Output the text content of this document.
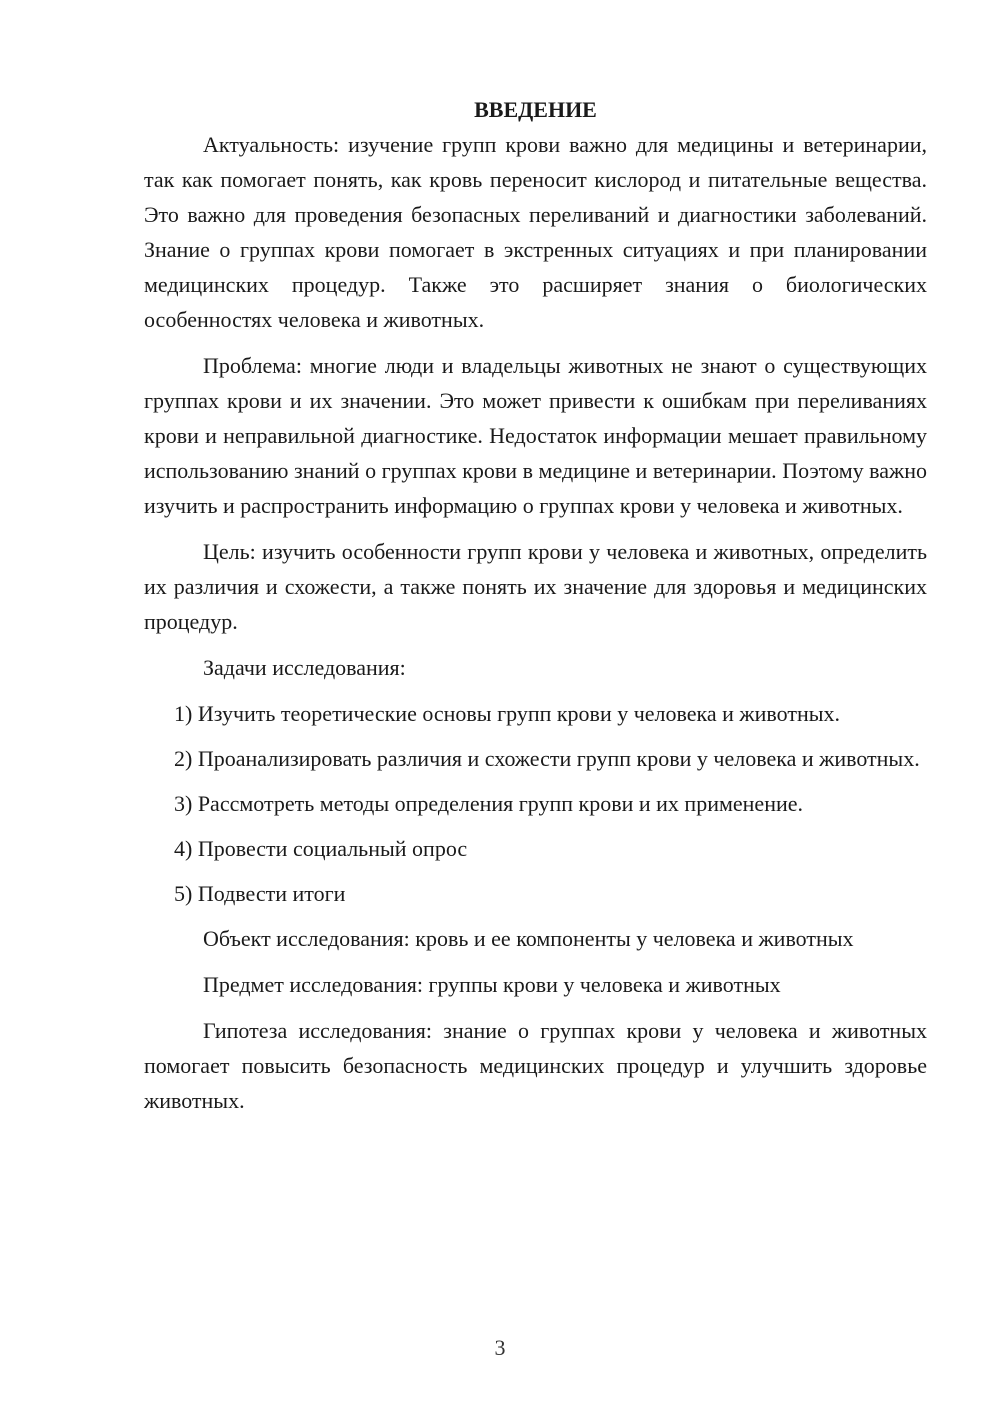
ВВЕДЕНИЕ

Актуальность: изучение групп крови важно для медицины и ветеринарии, так как помогает понять, как кровь переносит кислород и питательные вещества. Это важно для проведения безопасных переливаний и диагностики заболеваний. Знание о группах крови помогает в экстренных ситуациях и при планировании медицинских процедур. Также это расширяет знания о биологических особенностях человека и животных.

Проблема: многие люди и владельцы животных не знают о существующих группах крови и их значении. Это может привести к ошибкам при переливаниях крови и неправильной диагностике. Недостаток информации мешает правильному использованию знаний о группах крови в медицине и ветеринарии. Поэтому важно изучить и распространить информацию о группах крови у человека и животных.

Цель: изучить особенности групп крови у человека и животных, определить их различия и схожести, а также понять их значение для здоровья и медицинских процедур.

Задачи исследования:

1) Изучить теоретические основы групп крови у человека и животных.

2) Проанализировать различия и схожести групп крови у человека и животных.

3) Рассмотреть методы определения групп крови и их применение.

4) Провести социальный опрос

5) Подвести итоги

Объект исследования: кровь и ее компоненты у человека и животных

Предмет исследования: группы крови у человека и животных

Гипотеза исследования: знание о группах крови у человека и животных помогает повысить безопасность медицинских процедур и улучшить здоровье животных.

3
